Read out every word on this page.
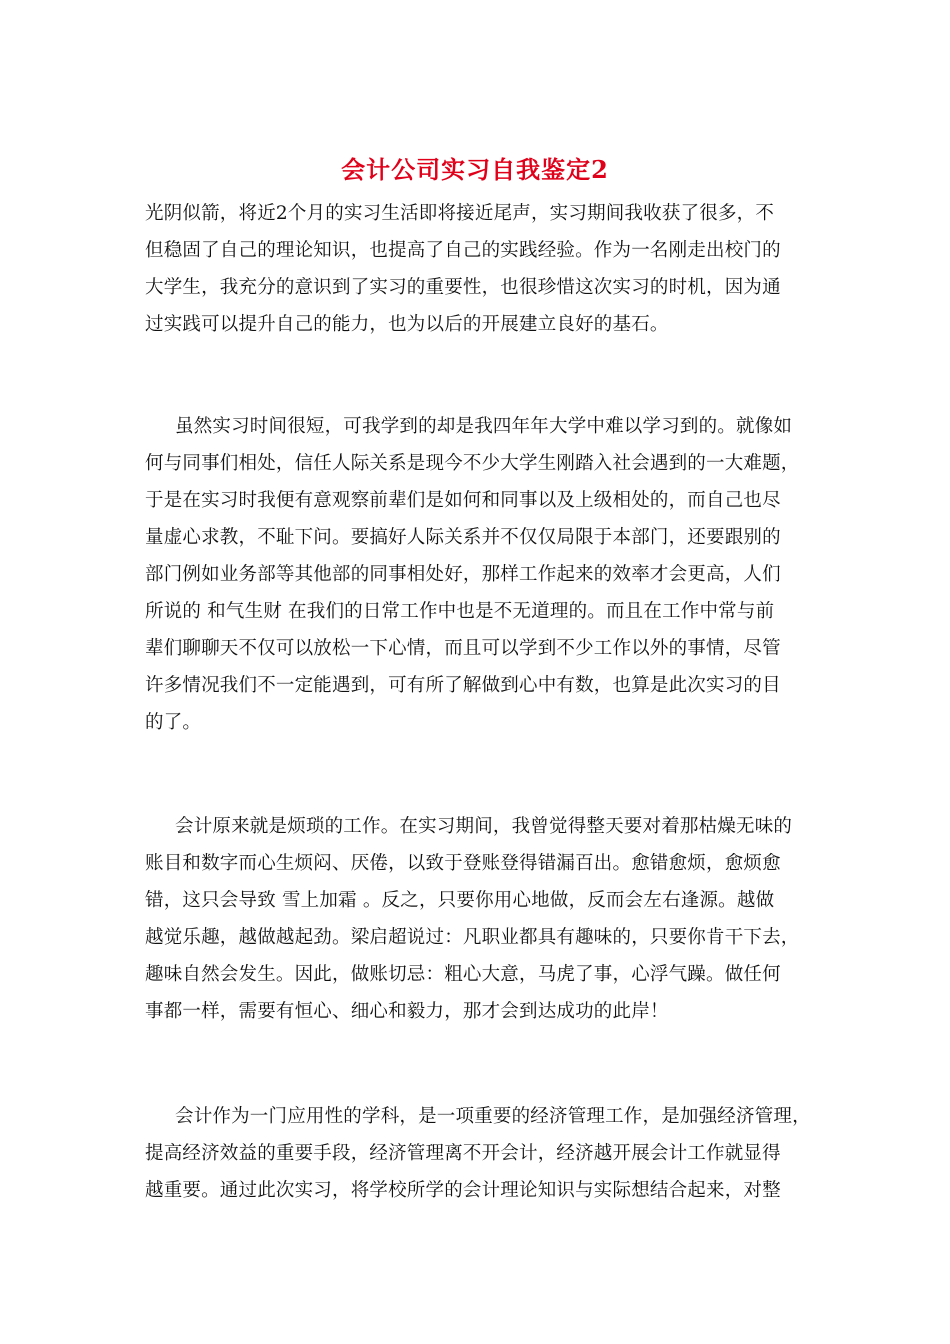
会计公司实习自我鉴定2
光阴似箭，将近2个月的实习生活即将接近尾声，实习期间我收获了很多，不
但稳固了自己的理论知识，也提高了自己的实践经验。作为一名刚走出校门的
大学生，我充分的意识到了实习的重要性，也很珍惜这次实习的时机，因为通
过实践可以提升自己的能力，也为以后的开展建立良好的基石。
虽然实习时间很短，可我学到的却是我四年年大学中难以学习到的。就像如
何与同事们相处，信任人际关系是现今不少大学生刚踏入社会遇到的一大难题，
于是在实习时我便有意观察前辈们是如何和同事以及上级相处的，而自己也尽
量虚心求教，不耻下问。要搞好人际关系并不仅仅局限于本部门，还要跟别的
部门例如业务部等其他部的同事相处好，那样工作起来的效率才会更高，人们
所说的 和气生财 在我们的日常工作中也是不无道理的。而且在工作中常与前
辈们聊聊天不仅可以放松一下心情，而且可以学到不少工作以外的事情，尽管
许多情况我们不一定能遇到，可有所了解做到心中有数，也算是此次实习的目
的了。
会计原来就是烦琐的工作。在实习期间，我曾觉得整天要对着那枯燥无味的
账目和数字而心生烦闷、厌倦，以致于登账登得错漏百出。愈错愈烦，愈烦愈
错，这只会导致 雪上加霜 。反之，只要你用心地做，反而会左右逢源。越做
越觉乐趣，越做越起劲。梁启超说过：凡职业都具有趣味的，只要你肯干下去，
趣味自然会发生。因此，做账切忌：粗心大意，马虎了事，心浮气躁。做任何
事都一样，需要有恒心、细心和毅力，那才会到达成功的此岸！
会计作为一门应用性的学科，是一项重要的经济管理工作，是加强经济管理，
提高经济效益的重要手段，经济管理离不开会计，经济越开展会计工作就显得
越重要。通过此次实习，将学校所学的会计理论知识与实际想结合起来，对整
